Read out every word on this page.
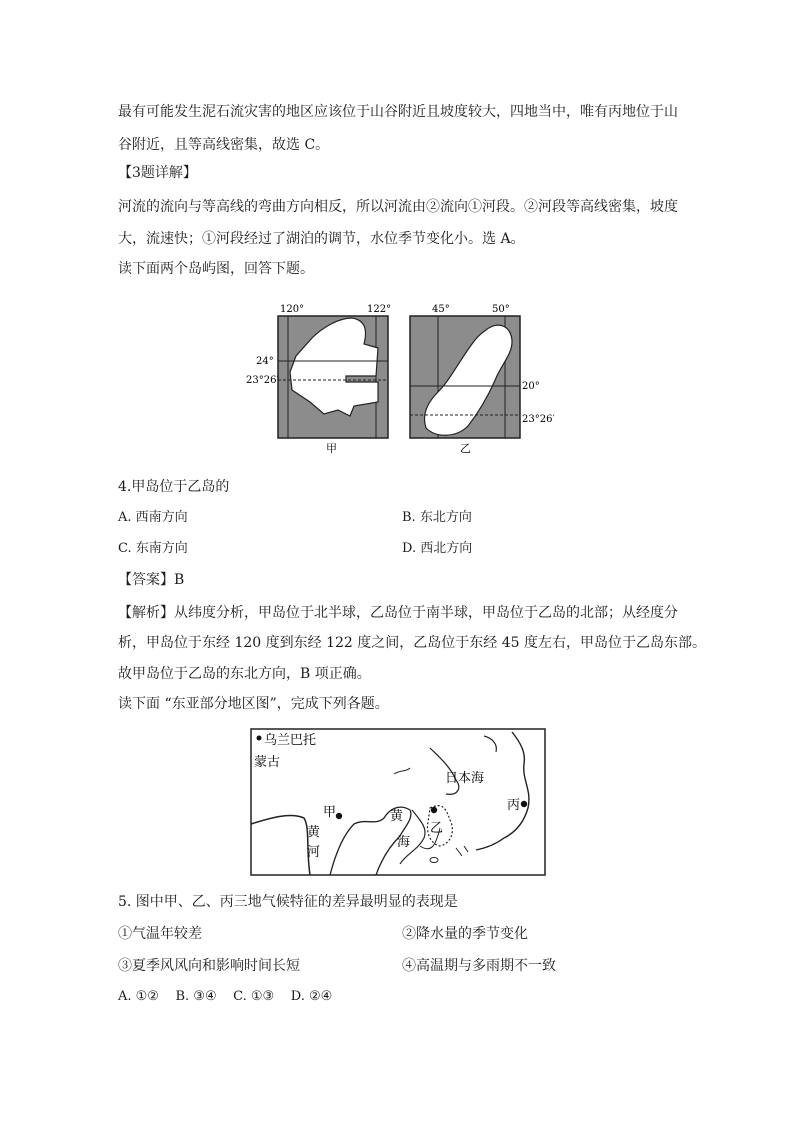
最有可能发生泥石流灾害的地区应该位于山谷附近且坡度较大，四地当中，唯有丙地位于山
谷附近，且等高线密集，故选 C。
【3题详解】
河流的流向与等高线的弯曲方向相反，所以河流由②流向①河段。②河段等高线密集，坡度
大，流速快；①河段经过了湖泊的调节，水位季节变化小。选 A。
读下面两个岛屿图，回答下题。
120°	122°
24°
23°26′
甲
45°	50°
20°
23°26′
乙
4.甲岛位于乙岛的
A. 西南方向	B. 东北方向
C. 东南方向	D. 西北方向
【答案】B
【解析】从纬度分析，甲岛位于北半球，乙岛位于南半球，甲岛位于乙岛的北部；从经度分
析，甲岛位于东经 120 度到东经 122 度之间，乙岛位于东经 45 度左右，甲岛位于乙岛东部。
故甲岛位于乙岛的东北方向，B 项正确。
读下面 “东亚部分地区图”，完成下列各题。
乌兰巴托
蒙古
日本海
甲	黄
海
黄
河
乙
丙
5. 图中甲、乙、丙三地气候特征的差异最明显的表现是
①气温年较差	②降水量的季节变化
③夏季风风向和影响时间长短	④高温期与多雨期不一致
A. ①②    B. ③④    C. ①③    D. ②④
